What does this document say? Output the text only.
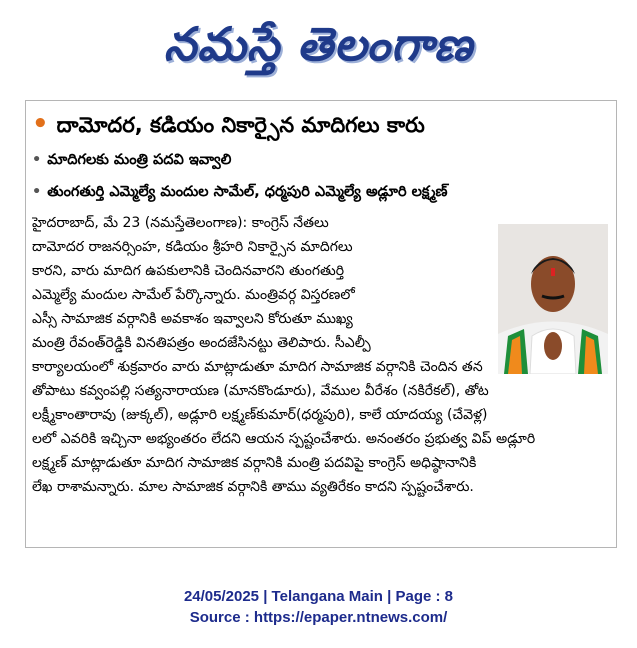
నమస్తే తెలంగాణ
• దామోదర, కడియం నికార్సైన మాదిగలు కారు
• మాదిగలకు మంత్రి పదవి ఇవ్వాలి
• తుంగతుర్తి ఎమ్మెల్యే మందుల సామేల్, ధర్మపురి ఎమ్మెల్యే అడ్లూరి లక్ష్మణ్
హైదరాబాద్, మే 23 (నమస్తేతెలంగాణ): కాంగ్రెస్ నేతలు
దామోదర రాజనర్సింహ, కడియం శ్రీహరి నికార్సైన మాదిగలు
కారని, వారు మాదిగ ఉపకులానికి చెందినవారని తుంగతుర్తి
ఎమ్మెల్యే మందుల సామేల్ పేర్కొన్నారు. మంత్రివర్గ విస్తరణలో
ఎస్సీ సామాజిక వర్గానికి అవకాశం ఇవ్వాలని కోరుతూ ముఖ్య
మంత్రి రేవంత్‌రెడ్డికి వినతిపత్రం అందజేసినట్టు తెలిపారు. సీఎల్పీ
కార్యాలయంలో శుక్రవారం వారు మాట్లాడుతూ మాదిగ సామాజిక వర్గానికి చెందిన తన
తోపాటు కవ్వంపల్లి సత్యనారాయణ (మానకొండూరు), వేముల వీరేశం (నకిరేకల్), తోట
లక్ష్మీకాంతారావు (జుక్కల్), అడ్లూరి లక్ష్మణ్‌కుమార్(ధర్మపురి), కాలే యాదయ్య (చేవెళ్ల)
లలో ఎవరికి ఇచ్చినా అభ్యంతరం లేదని ఆయన స్పష్టంచేశారు. అనంతరం ప్రభుత్వ విప్ అడ్లూరి
లక్ష్మణ్ మాట్లాడుతూ మాదిగ సామాజిక వర్గానికి మంత్రి పదవిపై కాంగ్రెస్ అధిష్ఠానానికి
లేఖ రాశామన్నారు. మాల సామాజిక వర్గానికి తాము వ్యతిరేకం కాదని స్పష్టంచేశారు.
24/05/2025 | Telangana Main | Page : 8
Source : https://epaper.ntnews.com/
